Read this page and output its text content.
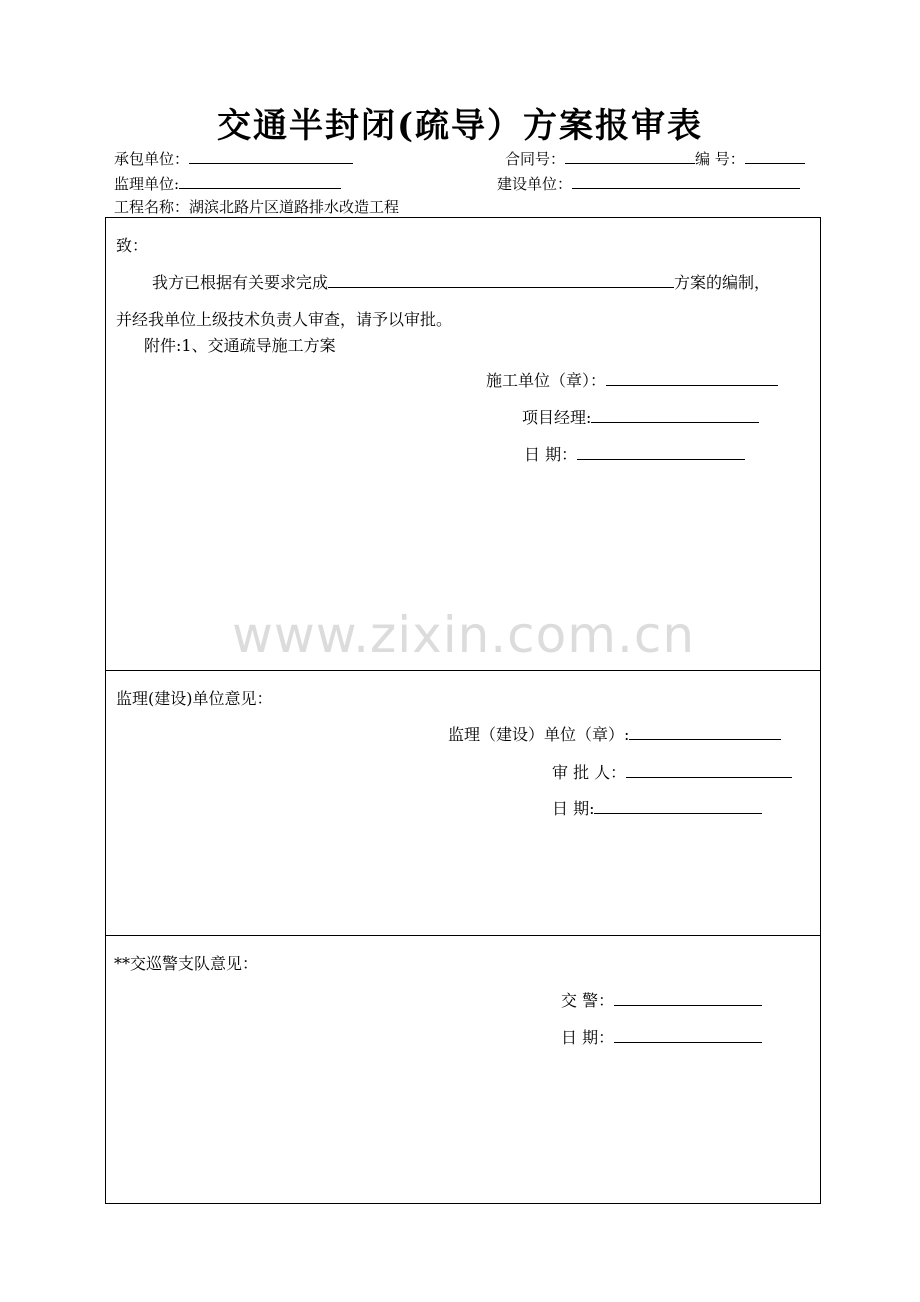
交通半封闭(疏导）方案报审表
承包单位：	合同号：	编 号：
监理单位:	建设单位：
工程名称：湖滨北路片区道路排水改造工程
致：
我方已根据有关要求完成	方案的编制，
并经我单位上级技术负责人审查，请予以审批。
附件:1、交通疏导施工方案
施工单位（章）：
项目经理:
日 期：
监理(建设)单位意见：
监理（建设）单位（章）:
审 批 人：
日 期:
**交巡警支队意见：
交 警：
日 期：
www.zixin.com.cn
